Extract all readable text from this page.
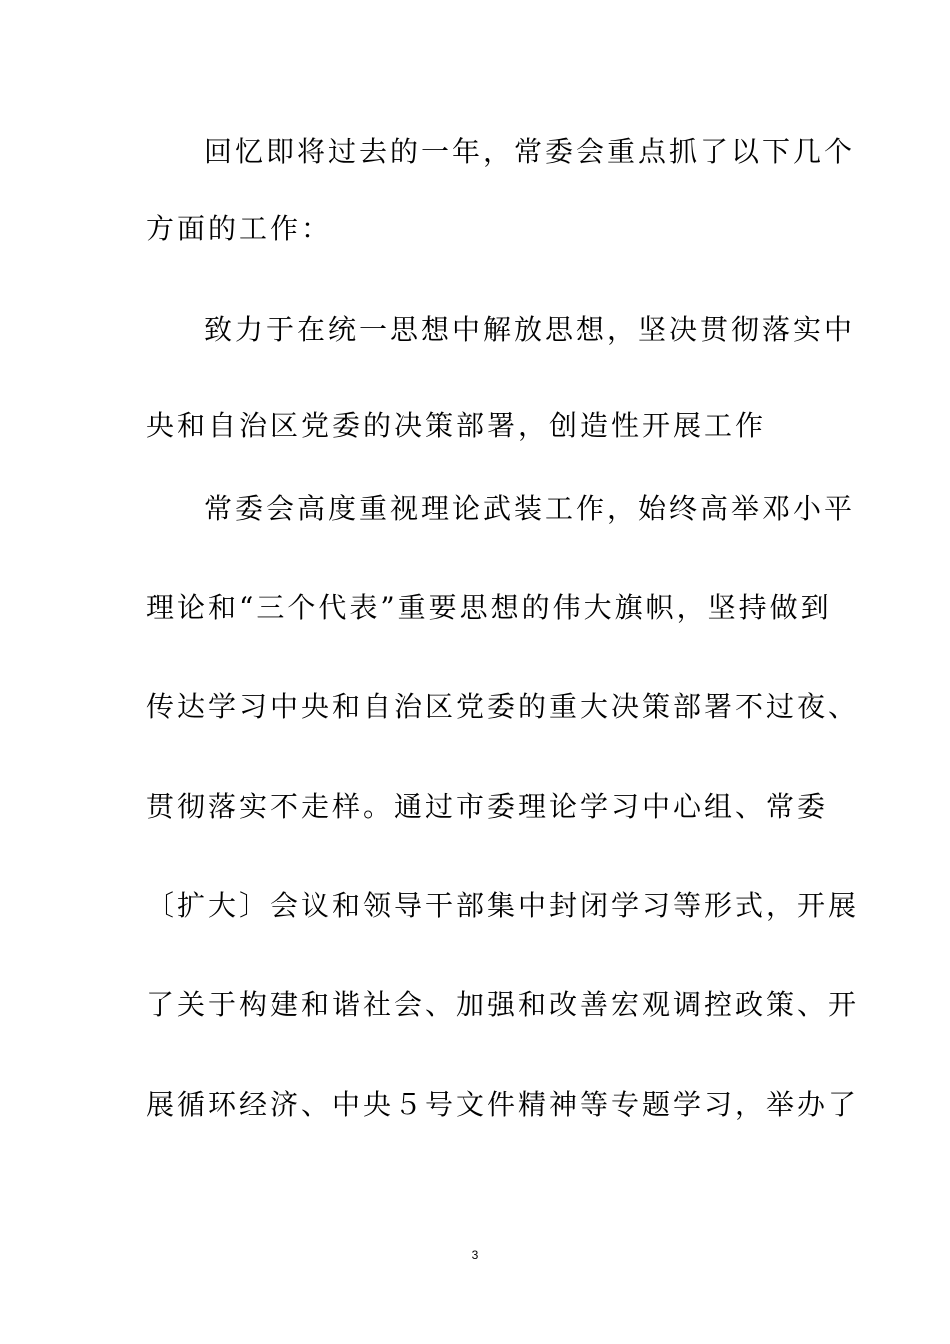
回忆即将过去的一年，常委会重点抓了以下几个
方面的工作：
致力于在统一思想中解放思想，坚决贯彻落实中
央和自治区党委的决策部署，创造性开展工作
常委会高度重视理论武装工作，始终高举邓小平
理论和“三个代表”重要思想的伟大旗帜，坚持做到
传达学习中央和自治区党委的重大决策部署不过夜、
贯彻落实不走样。通过市委理论学习中心组、常委
〔扩大〕会议和领导干部集中封闭学习等形式，开展
了关于构建和谐社会、加强和改善宏观调控政策、开
展循环经济、中央５号文件精神等专题学习，举办了
3
